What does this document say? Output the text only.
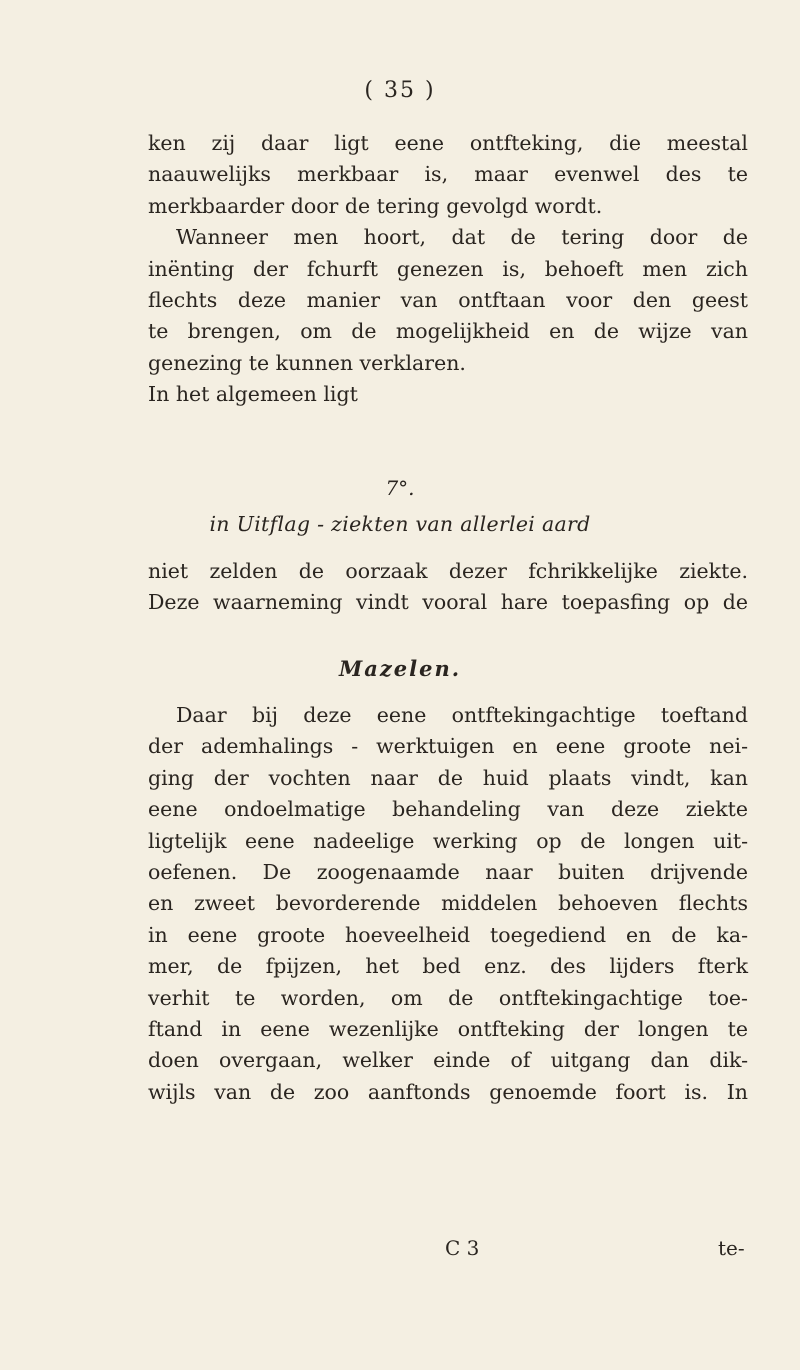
( 35 )
ken zij daar ligt eene ontfteking, die meestal
naauwelijks merkbaar is, maar evenwel des te
merkbaarder door de tering gevolgd wordt.
Wanneer men hoort, dat de tering door de
inënting der fchurft genezen is, behoeft men zich
flechts deze manier van ontftaan voor den geest
te brengen, om de mogelijkheid en de wijze van
genezing te kunnen verklaren.
In het algemeen ligt
7°.
in Uitflag - ziekten van allerlei aard
niet zelden de oorzaak dezer fchrikkelijke ziekte.
Deze waarneming vindt vooral hare toepasfing op de
Mazelen.
Daar bij deze eene ontftekingachtige toeftand
der ademhalings - werktuigen en eene groote nei-
ging der vochten naar de huid plaats vindt, kan
eene ondoelmatige behandeling van deze ziekte
ligtelijk eene nadeelige werking op de longen uit-
oefenen. De zoogenaamde naar buiten drijvende
en zweet bevorderende middelen behoeven flechts
in eene groote hoeveelheid toegediend en de ka-
mer, de fpijzen, het bed enz. des lijders fterk
verhit te worden, om de ontftekingachtige toe-
ftand in eene wezenlijke ontfteking der longen te
doen overgaan, welker einde of uitgang dan dik-
wijls van de zoo aanftonds genoemde foort is. In
C 3	te-
